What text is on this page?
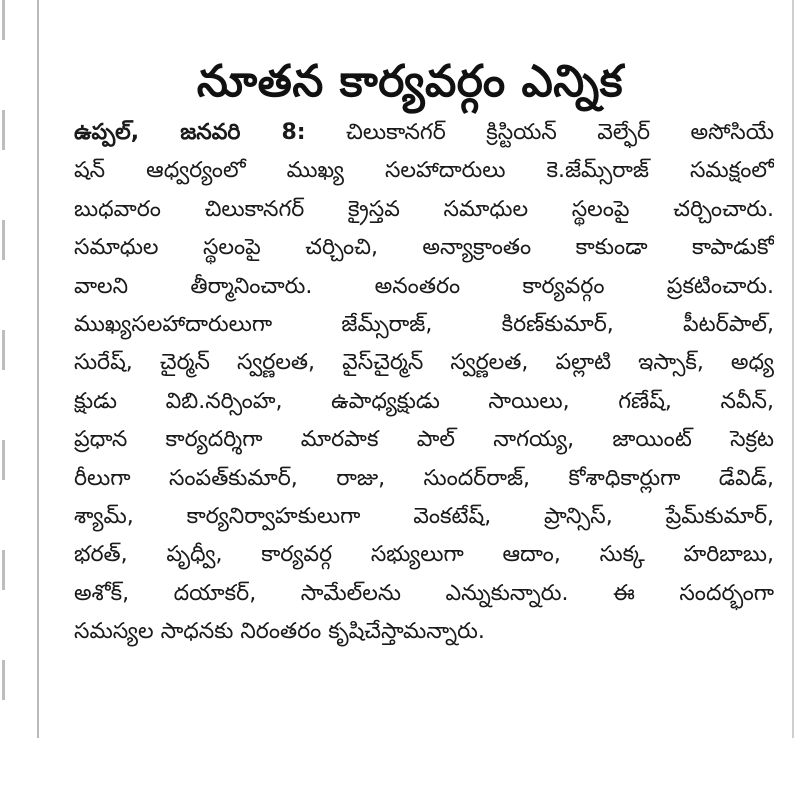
నూతన కార్యవర్గం ఎన్నిక
ఉప్పల్, జనవరి 8: చిలుకానగర్ క్రిస్టియన్ వెల్ఫేర్ అసోసియే
షన్ ఆధ్వర్యంలో ముఖ్య సలహాదారులు కె.జేమ్స్‌రాజ్ సమక్షంలో
బుధవారం చిలుకానగర్ క్రైస్తవ సమాధుల స్థలంపై చర్చించారు.
సమాధుల స్థలంపై చర్చించి, అన్యాక్రాంతం కాకుండా కాపాడుకో
వాలని తీర్మానించారు. అనంతరం కార్యవర్గం ప్రకటించారు.
ముఖ్యసలహాదారులుగా జేమ్స్‌రాజ్, కిరణ్‌కుమార్, పీటర్‌పాల్,
సురేష్, చైర్మన్ స్వర్ణలత, వైస్‌చైర్మన్ స్వర్ణలత, పల్లాటి ఇస్సాక్, అధ్య
క్షుడు విబి.నర్సింహ, ఉపాధ్యక్షుడు సాయిలు, గణేష్, నవీన్,
ప్రధాన కార్యదర్శిగా మారపాక పాల్ నాగయ్య, జాయింట్ సెక్రట
రీలుగా సంపత్‌కుమార్, రాజు, సుందర్‌రాజ్, కోశాధికార్లుగా డేవిడ్,
శ్యామ్, కార్యనిర్వాహకులుగా వెంకటేష్, ప్రాన్సిస్, ప్రేమ్‌కుమార్,
భరత్, పృధ్వీ, కార్యవర్గ సభ్యులుగా ఆదాం, సుక్క హరిబాబు,
అశోక్, దయాకర్, సామేల్‌లను ఎన్నుకున్నారు. ఈ సందర్భంగా
సమస్యల సాధనకు నిరంతరం కృషిచేస్తామన్నారు.
